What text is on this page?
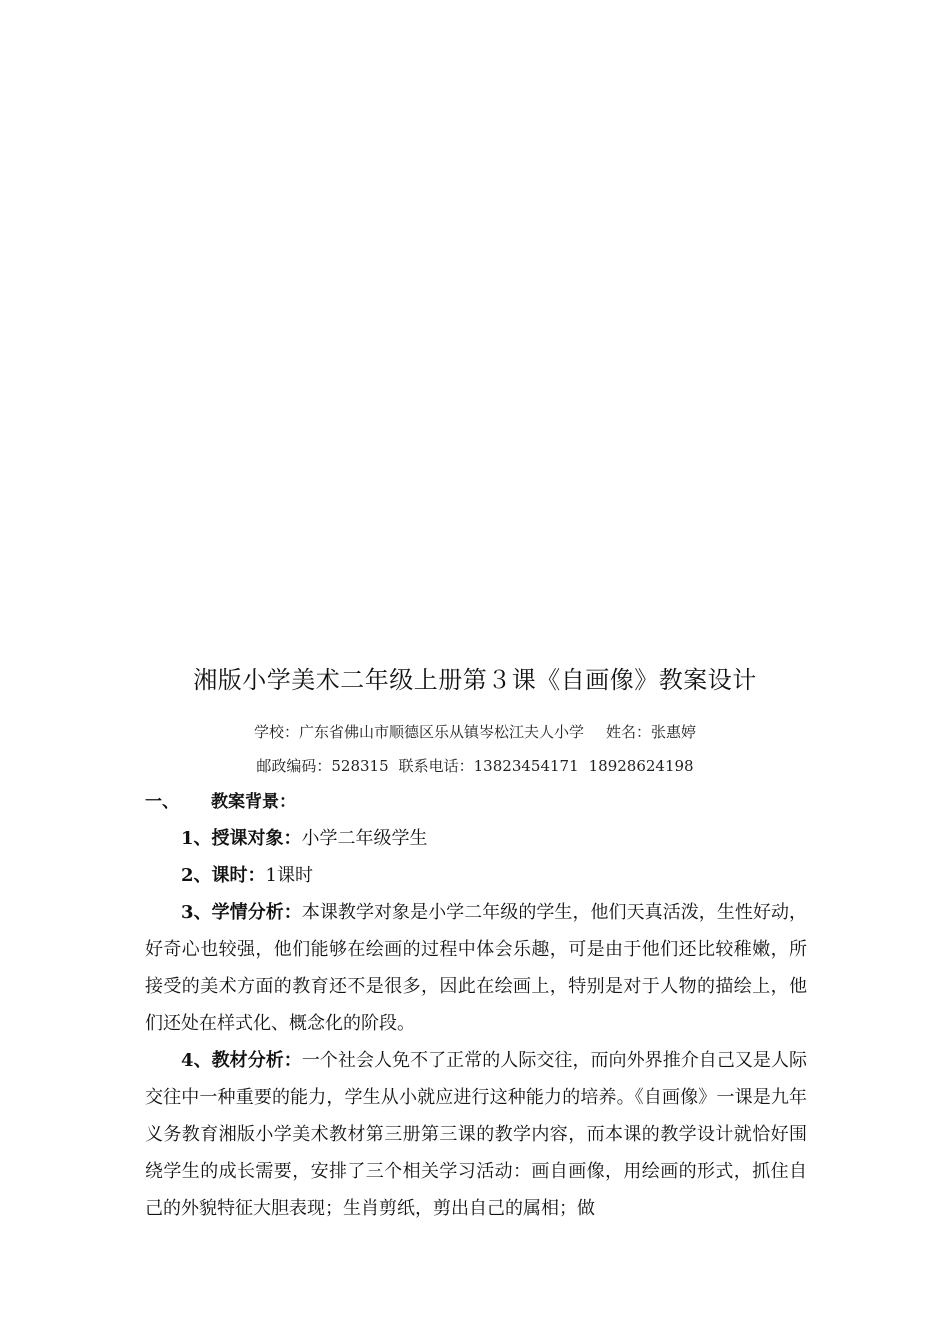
湘版小学美术二年级上册第３课《自画像》教案设计
学校：广东省佛山市顺德区乐从镇岑松江夫人小学 姓名：张惠婷
邮政编码：528315 联系电话：13823454171 18928624198
一、 教案背景：

1、授课对象：小学二年级学生

2、课时：1课时

3、学情分析：本课教学对象是小学二年级的学生，他们天真活泼，生性好动，好奇心也较强，他们能够在绘画的过程中体会乐趣，可是由于他们还比较稚嫩，所接受的美术方面的教育还不是很多，因此在绘画上，特别是对于人物的描绘上，他们还处在样式化、概念化的阶段。

4、教材分析：一个社会人免不了正常的人际交往，而向外界推介自己又是人际交往中一种重要的能力，学生从小就应进行这种能力的培养。《自画像》一课是九年义务教育湘版小学美术教材第三册第三课的教学内容，而本课的教学设计就恰好围绕学生的成长需要，安排了三个相关学习活动：画自画像，用绘画的形式，抓住自己的外貌特征大胆表现；生肖剪纸，剪出自己的属相；做
